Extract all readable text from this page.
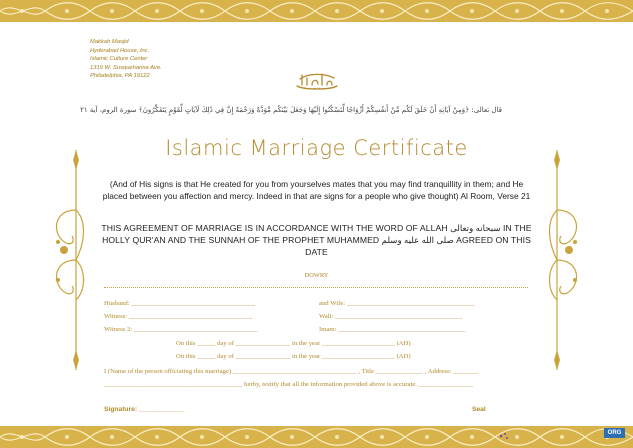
Makkah Masjid
Hyderabad House, Inc.
Islamic Culture Center
1319 W. Susquehanna Ave.
Philadelphia, PA 19122
قال تعالى: ﴿وَمِنْ آيَاتِهِ أَنْ خَلَقَ لَكُم مِّنْ أَنفُسِكُمْ أَزْوَاجًا لِّتَسْكُنُوا إِلَيْهَا وَجَعَلَ بَيْنَكُم مَّوَدَّةً وَرَحْمَةً إِنَّ فِي ذَٰلِكَ لَآيَاتٍ لِّقَوْمٍ يَتَفَكَّرُونَ﴾ سورة الروم، آية ٢١
Islamic Marriage Certificate
(And of His signs is that He created for you from yourselves mates that you may find tranquillity in them; and He placed between you affection and mercy. Indeed in that are signs for a people who give thought) Al Room, Verse 21
THIS AGREEMENT OF MARRIAGE IS IN ACCORDANCE WITH THE WORD OF ALLAH سبحانه وتعالى IN THE HOLLY QUR'AN AND THE SUNNAH OF THE PROPHET MUHAMMED صلى الله عليه وسلم AGREED ON THIS DATE
DOWRY
Husband: __________________________________	and Wife: ___________________________________
Witness: __________________________________	Wali: ___________________________________
Witness 2: __________________________________	Imam: ___________________________________
On this _____ day of _______________ in the year ____________________ (AH)
On this _____ day of _______________ in the year ____________________ (AD)
I (Name of the person officiating this marriage) __________________________________ , Title _____________ , Address: _______
______________________________________ herby, testify that all the information provided above is accurate. _______________
Signature: ____________	Seal
ORG
